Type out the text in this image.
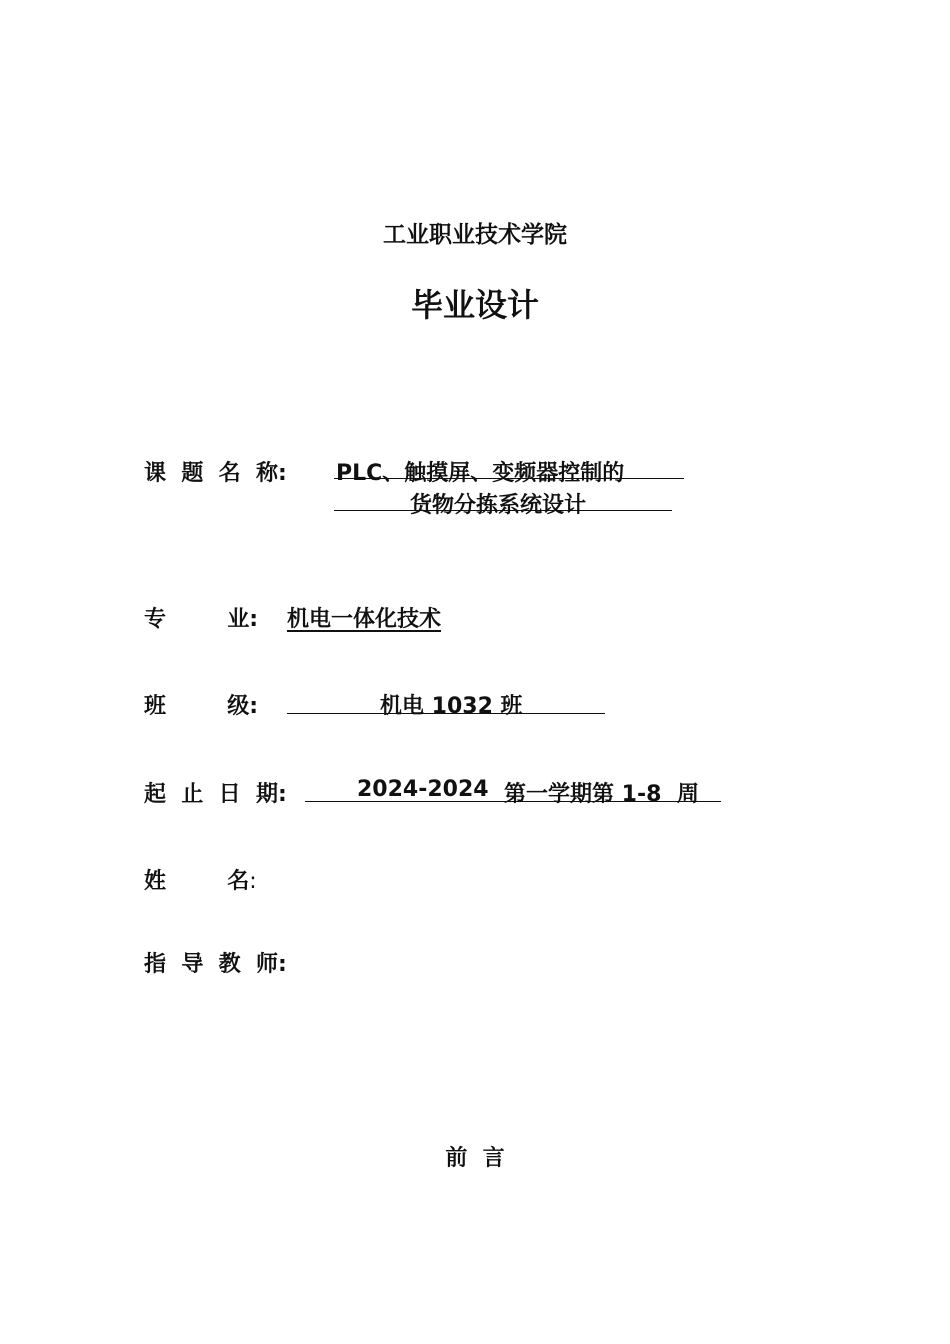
工业职业技术学院
毕业设计
课  题  名  称: PLC、触摸屏、变频器控制的
货物分拣系统设计
专        业: 机电一体化技术
班        级:	机电 1032 班
起  止  日  期:	2024-2024 第一学期第 1-8 周
姓        名:
指  导  教  师:
前  言
